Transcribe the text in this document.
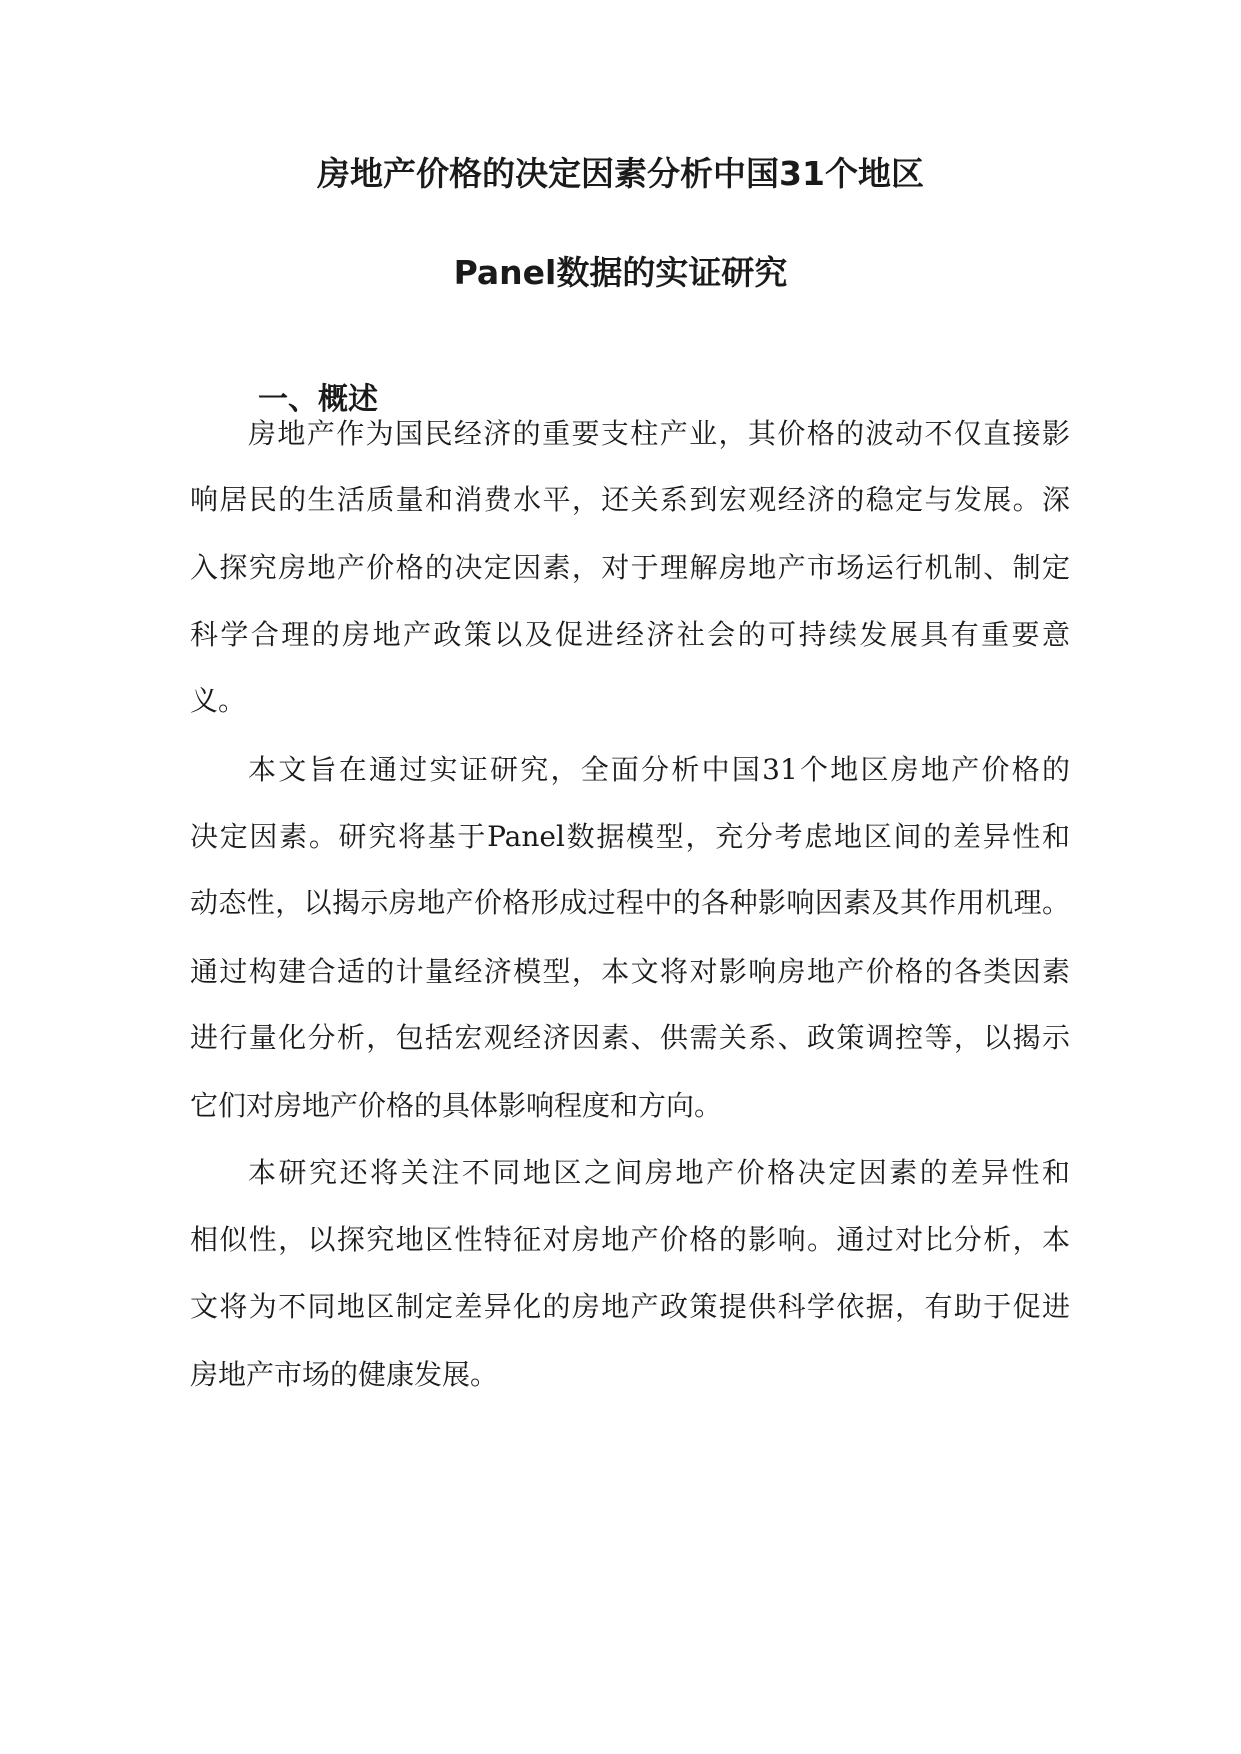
房地产价格的决定因素分析中国31个地区
Panel数据的实证研究
一、概述

房地产作为国民经济的重要支柱产业，其价格的波动不仅直接影

响居民的生活质量和消费水平，还关系到宏观经济的稳定与发展。深

入探究房地产价格的决定因素，对于理解房地产市场运行机制、制定

科学合理的房地产政策以及促进经济社会的可持续发展具有重要意

义。

本文旨在通过实证研究，全面分析中国31个地区房地产价格的

决定因素。研究将基于Panel数据模型，充分考虑地区间的差异性和

动态性，以揭示房地产价格形成过程中的各种影响因素及其作用机理。

通过构建合适的计量经济模型，本文将对影响房地产价格的各类因素

进行量化分析，包括宏观经济因素、供需关系、政策调控等，以揭示

它们对房地产价格的具体影响程度和方向。

本研究还将关注不同地区之间房地产价格决定因素的差异性和

相似性，以探究地区性特征对房地产价格的影响。通过对比分析，本

文将为不同地区制定差异化的房地产政策提供科学依据，有助于促进

房地产市场的健康发展。
